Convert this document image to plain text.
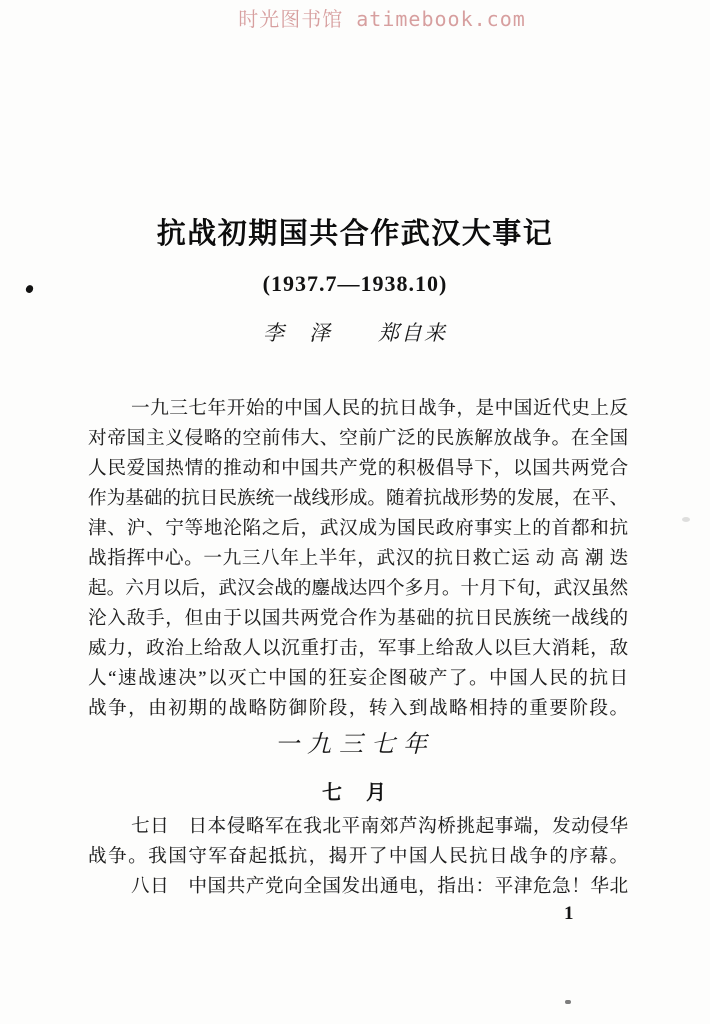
时光图书馆 atimebook.com
抗战初期国共合作武汉大事记
(1937.7—1938.10)
李　泽　　郑自来
一九三七年开始的中国人民的抗日战争，是中国近代史上反
对帝国主义侵略的空前伟大、空前广泛的民族解放战争。在全国
人民爱国热情的推动和中国共产党的积极倡导下，以国共两党合
作为基础的抗日民族统一战线形成。随着抗战形势的发展，在平、
津、沪、宁等地沦陷之后，武汉成为国民政府事实上的首都和抗
战指挥中心。一九三八年上半年，武汉的抗日救亡运 动 高 潮 迭
起。六月以后，武汉会战的鏖战达四个多月。十月下旬，武汉虽然
沦入敌手，但由于以国共两党合作为基础的抗日民族统一战线的
威力，政治上给敌人以沉重打击，军事上给敌人以巨大消耗，敌
人“速战速决”以灭亡中国的狂妄企图破产了。中国人民的抗日
战争，由初期的战略防御阶段，转入到战略相持的重要阶段。
一九三七年
七　月
七日　日本侵略军在我北平南郊芦沟桥挑起事端，发动侵华
战争。我国守军奋起抵抗，揭开了中国人民抗日战争的序幕。
八日　中国共产党向全国发出通电，指出：平津危急！华北
1
